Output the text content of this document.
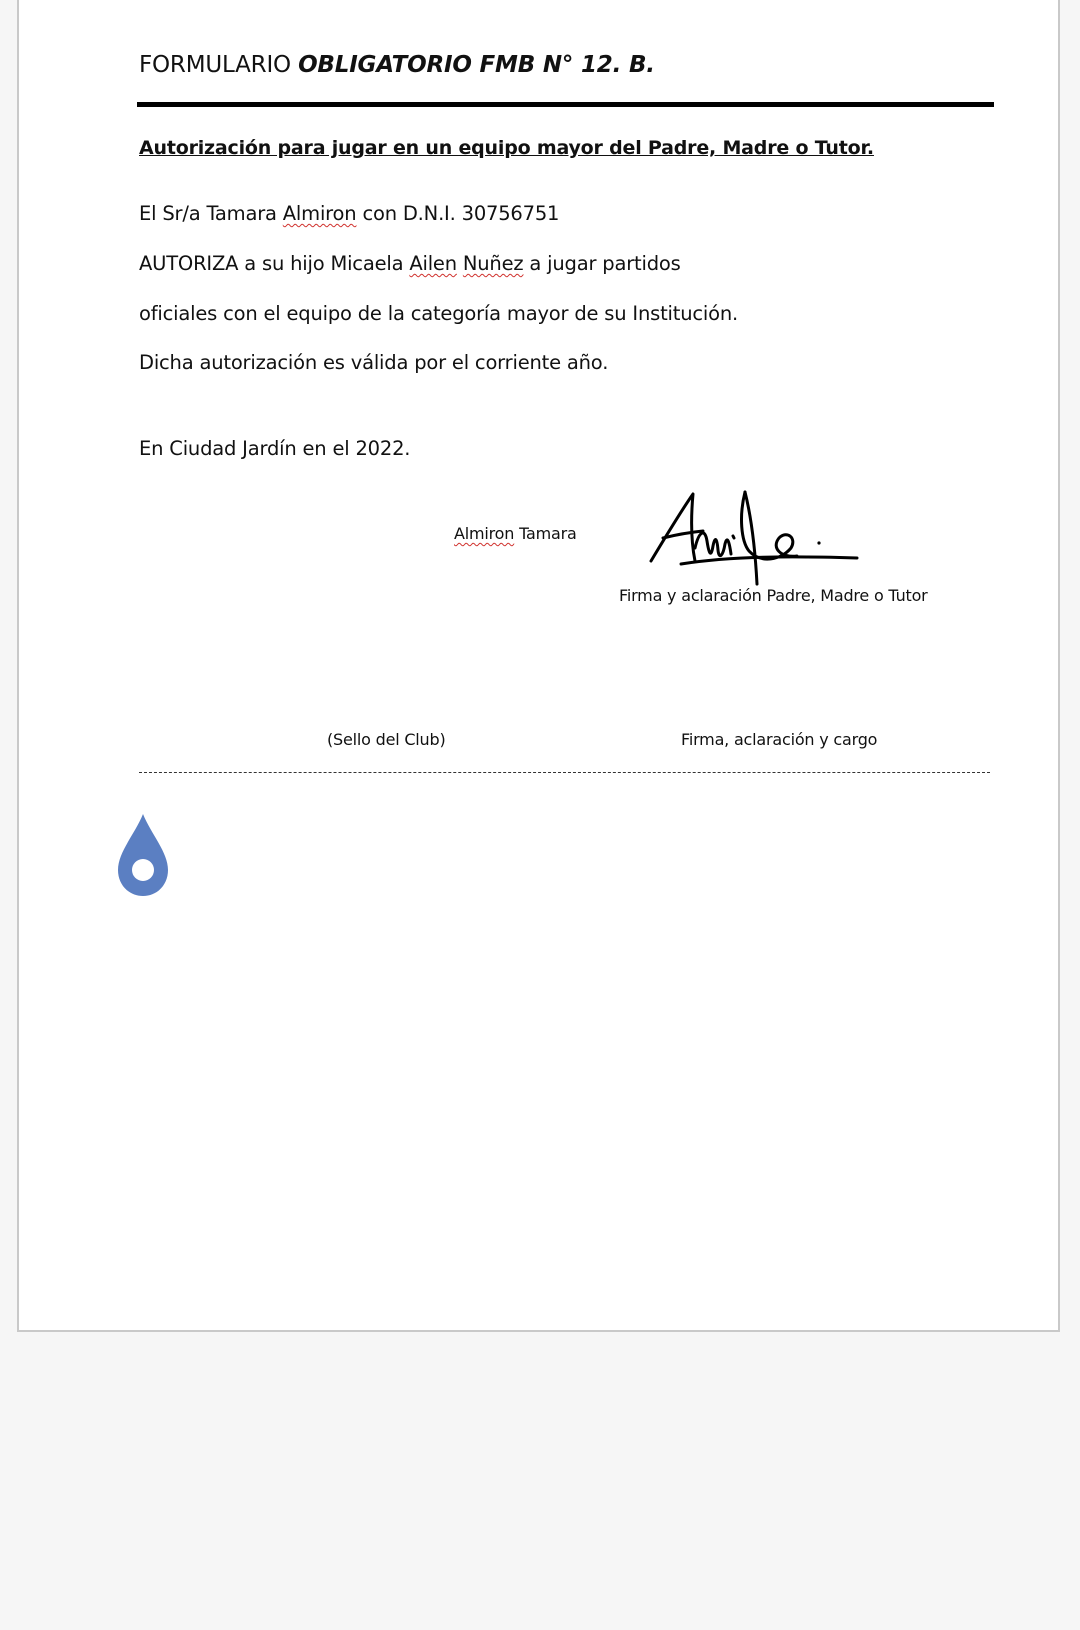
FORMULARIO OBLIGATORIO FMB N° 12. B.
Autorización para jugar en un equipo mayor del Padre, Madre o Tutor.
El Sr/a Tamara Almiron con D.N.I. 30756751
AUTORIZA a su hijo Micaela Ailen Nuñez a jugar partidos
oficiales con el equipo de la categoría mayor de su Institución.
Dicha autorización es válida por el corriente año.
En Ciudad Jardín en el 2022.
Almiron Tamara
Firma y aclaración Padre, Madre o Tutor
(Sello del Club)	Firma, aclaración y cargo
